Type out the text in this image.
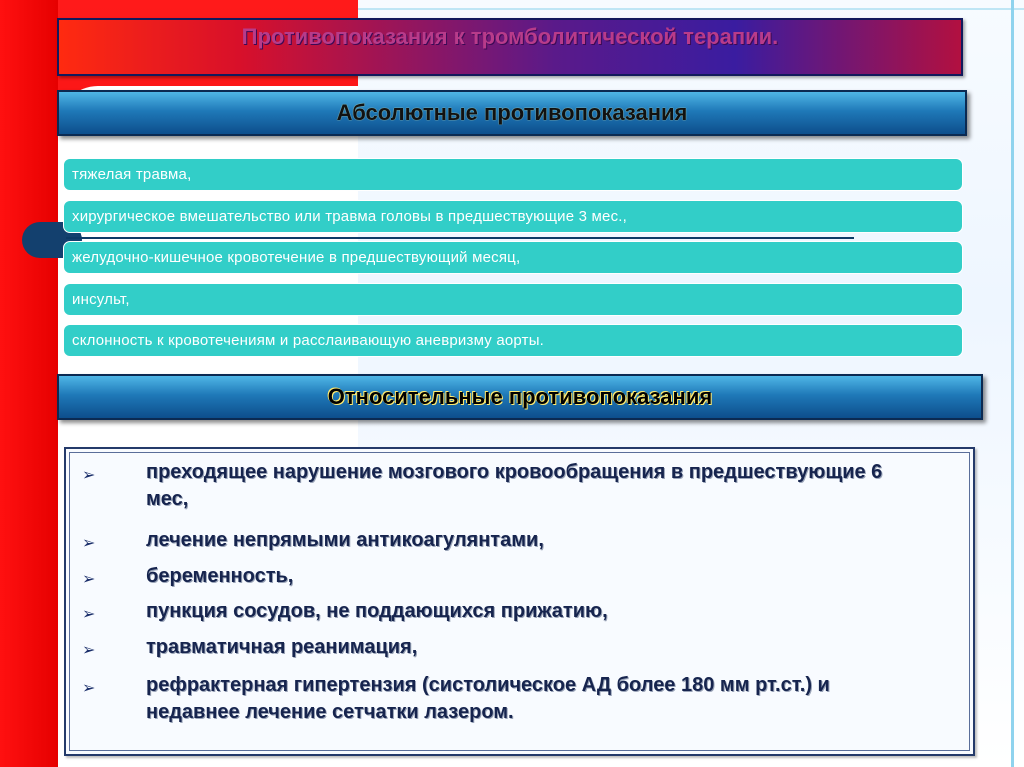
Противопоказания к тромболитической терапии.
Абсолютные противопоказания
тяжелая травма,
хирургическое вмешательство или травма головы в предшествующие 3 мес.,
желудочно-кишечное кровотечение в предшествующий месяц,
инсульт,
склонность к кровотечениям и расслаивающую аневризму аорты.
Относительные противопоказания
➢	преходящее нарушение мозгового кровообращения в предшествующие 6 мес,
➢	лечение непрямыми антикоагулянтами,
➢	беременность,
➢	пункция сосудов, не поддающихся прижатию,
➢	травматичная реанимация,
➢	рефрактерная гипертензия (систолическое АД более 180 мм рт.ст.) и недавнее лечение сетчатки лазером.
